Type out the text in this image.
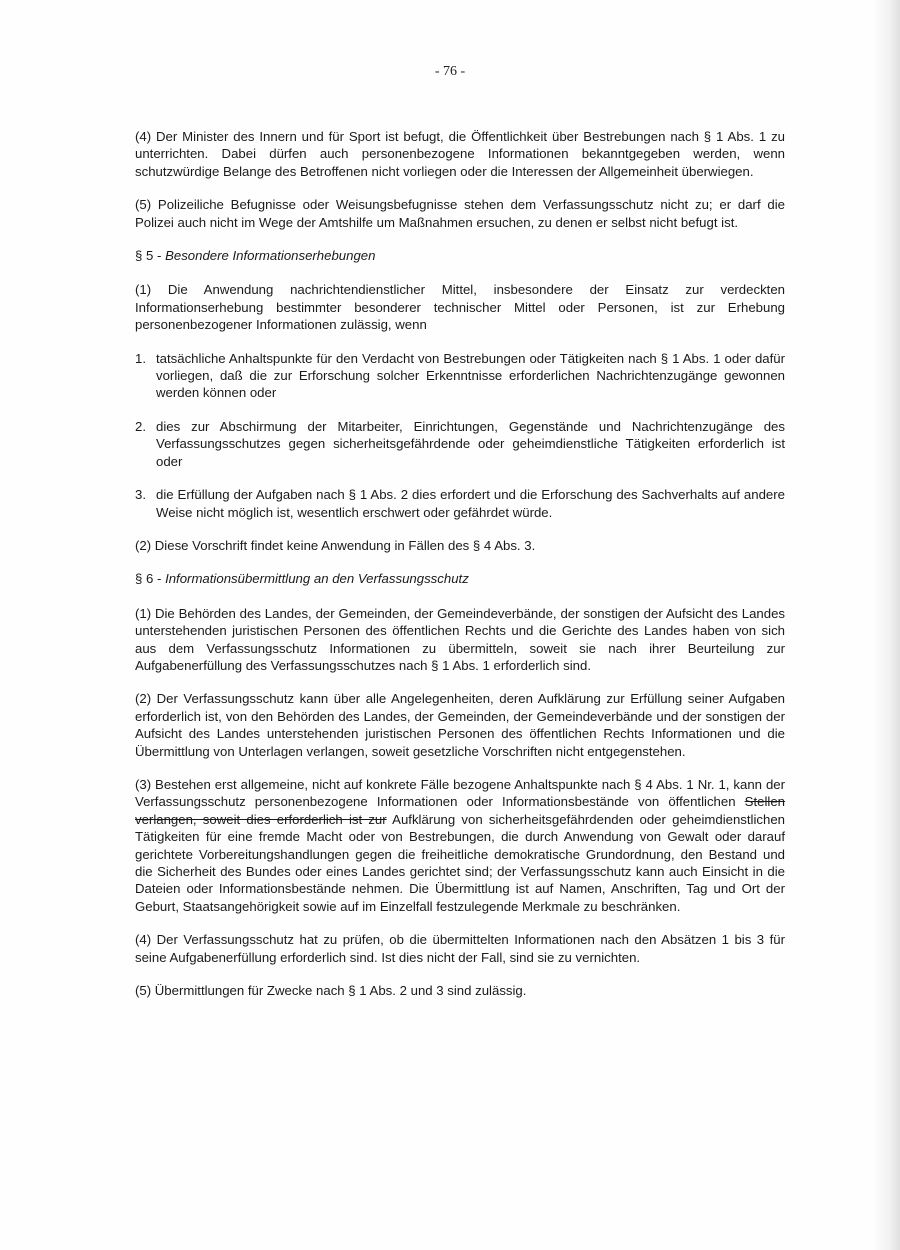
- 76 -

(4) Der Minister des Innern und für Sport ist befugt, die Öffentlichkeit über Bestrebungen nach § 1 Abs. 1 zu unterrichten. Dabei dürfen auch personenbezogene Informationen bekanntgegeben werden, wenn schutzwürdige Belange des Betroffenen nicht vorliegen oder die Interessen der Allgemeinheit überwiegen.

(5) Polizeiliche Befugnisse oder Weisungsbefugnisse stehen dem Verfassungsschutz nicht zu; er darf die Polizei auch nicht im Wege der Amtshilfe um Maßnahmen ersuchen, zu denen er selbst nicht befugt ist.

§ 5 - Besondere Informationserhebungen

(1) Die Anwendung nachrichtendienstlicher Mittel, insbesondere der Einsatz zur verdeckten Informationserhebung bestimmter besonderer technischer Mittel oder Personen, ist zur Erhebung personenbezogener Informationen zulässig, wenn

1. tatsächliche Anhaltspunkte für den Verdacht von Bestrebungen oder Tätigkeiten nach § 1 Abs. 1 oder dafür vorliegen, daß die zur Erforschung solcher Erkenntnisse erforderlichen Nachrichtenzugänge gewonnen werden können oder
2. dies zur Abschirmung der Mitarbeiter, Einrichtungen, Gegenstände und Nachrichtenzugänge des Verfassungsschutzes gegen sicherheitsgefährdende oder geheimdienstliche Tätigkeiten erforderlich ist oder
3. die Erfüllung der Aufgaben nach § 1 Abs. 2 dies erfordert und die Erforschung des Sachverhalts auf andere Weise nicht möglich ist, wesentlich erschwert oder gefährdet würde.

(2) Diese Vorschrift findet keine Anwendung in Fällen des § 4 Abs. 3.

§ 6 - Informationsübermittlung an den Verfassungsschutz

(1) Die Behörden des Landes, der Gemeinden, der Gemeindeverbände, der sonstigen der Aufsicht des Landes unterstehenden juristischen Personen des öffentlichen Rechts und die Gerichte des Landes haben von sich aus dem Verfassungsschutz Informationen zu übermitteln, soweit sie nach ihrer Beurteilung zur Aufgabenerfüllung des Verfassungsschutzes nach § 1 Abs. 1 erforderlich sind.

(2) Der Verfassungsschutz kann über alle Angelegenheiten, deren Aufklärung zur Erfüllung seiner Aufgaben erforderlich ist, von den Behörden des Landes, der Gemeinden, der Gemeindeverbände und der sonstigen der Aufsicht des Landes unterstehenden juristischen Personen des öffentlichen Rechts Informationen und die Übermittlung von Unterlagen verlangen, soweit gesetzliche Vorschriften nicht entgegenstehen.

(3) Bestehen erst allgemeine, nicht auf konkrete Fälle bezogene Anhaltspunkte nach § 4 Abs. 1 Nr. 1, kann der Verfassungsschutz personenbezogene Informationen oder Informationsbestände von öffentlichen Stellen verlangen, soweit dies erforderlich ist zur Aufklärung von sicherheitsgefährdenden oder geheimdienstlichen Tätigkeiten für eine fremde Macht oder von Bestrebungen, die durch Anwendung von Gewalt oder darauf gerichtete Vorbereitungshandlungen gegen die freiheitliche demokratische Grundordnung, den Bestand und die Sicherheit des Bundes oder eines Landes gerichtet sind; der Verfassungsschutz kann auch Einsicht in die Dateien oder Informationsbestände nehmen. Die Übermittlung ist auf Namen, Anschriften, Tag und Ort der Geburt, Staatsangehörigkeit sowie auf im Einzelfall festzulegende Merkmale zu beschränken.

(4) Der Verfassungsschutz hat zu prüfen, ob die übermittelten Informationen nach den Absätzen 1 bis 3 für seine Aufgabenerfüllung erforderlich sind. Ist dies nicht der Fall, sind sie zu vernichten.

(5) Übermittlungen für Zwecke nach § 1 Abs. 2 und 3 sind zulässig.
